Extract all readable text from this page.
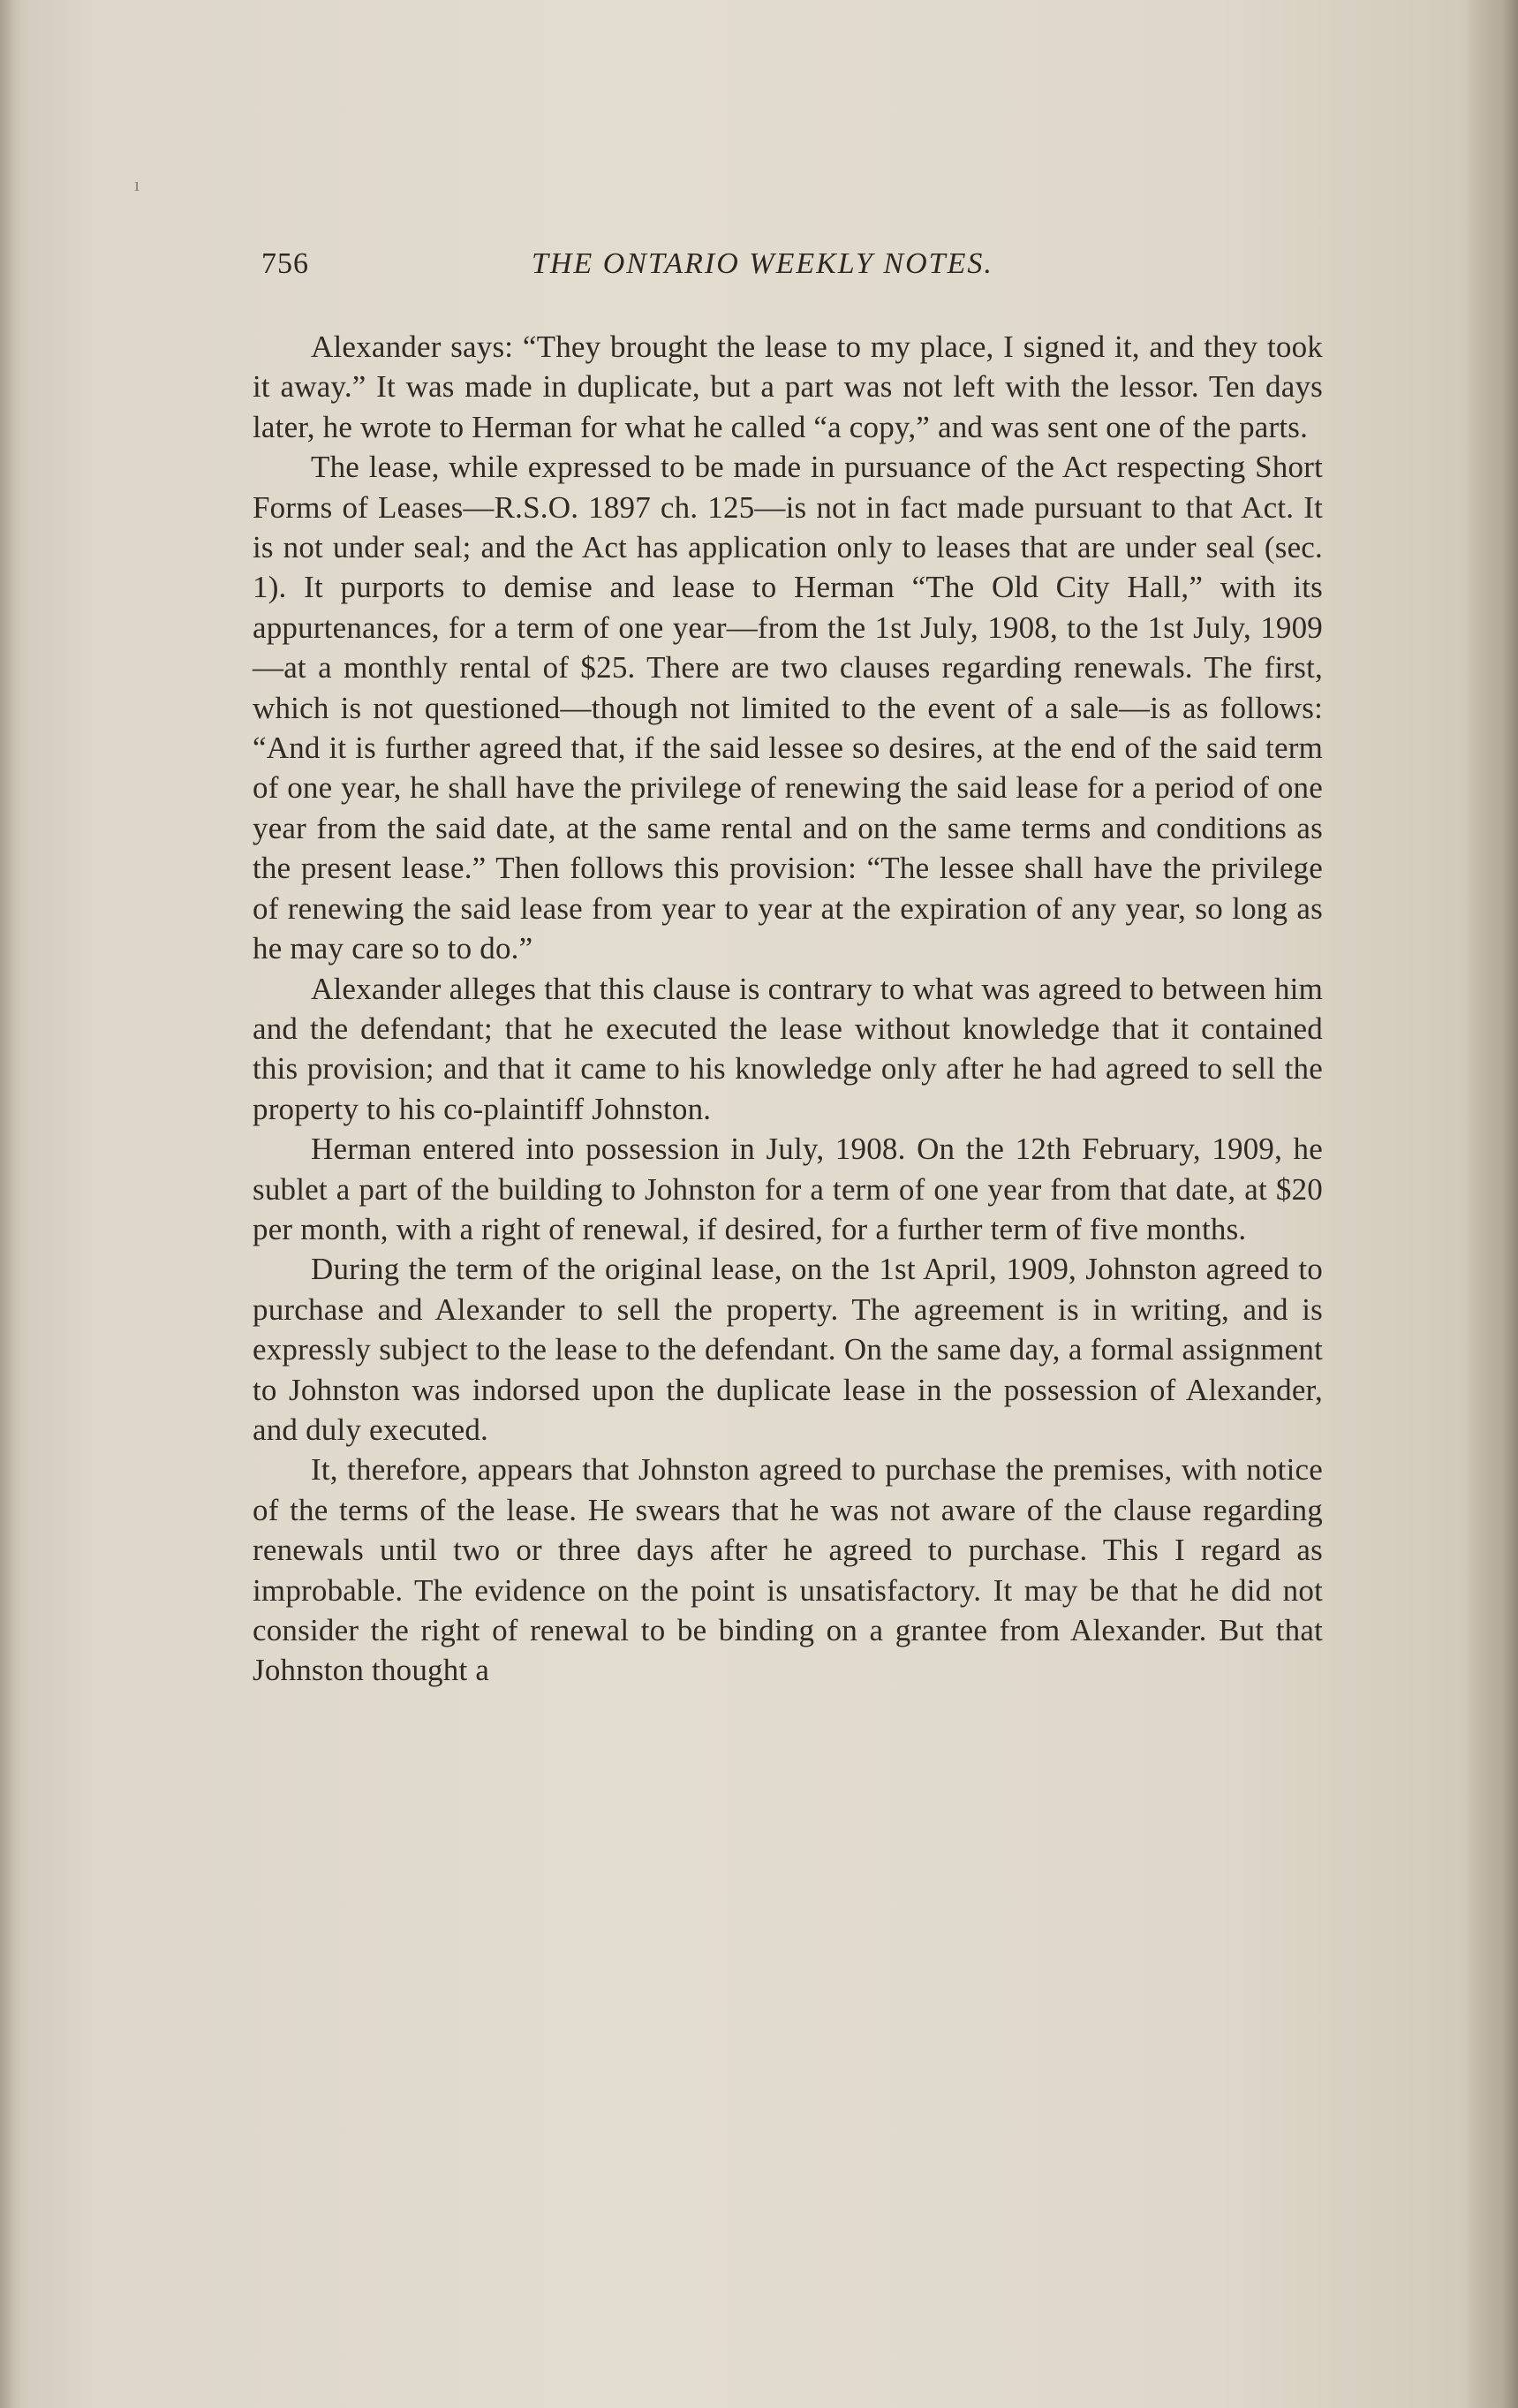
ı
756	THE ONTARIO WEEKLY NOTES.

Alexander says: “They brought the lease to my place, I signed it, and they took it away.” It was made in duplicate, but a part was not left with the lessor. Ten days later, he wrote to Herman for what he called “a copy,” and was sent one of the parts.

The lease, while expressed to be made in pursuance of the Act respecting Short Forms of Leases—R.S.O. 1897 ch. 125—is not in fact made pursuant to that Act. It is not under seal; and the Act has application only to leases that are under seal (sec. 1). It purports to demise and lease to Herman “The Old City Hall,” with its appurtenances, for a term of one year—from the 1st July, 1908, to the 1st July, 1909—at a monthly rental of $25. There are two clauses regarding renewals. The first, which is not questioned—though not limited to the event of a sale—is as follows: “And it is further agreed that, if the said lessee so desires, at the end of the said term of one year, he shall have the privilege of renewing the said lease for a period of one year from the said date, at the same rental and on the same terms and conditions as the present lease.” Then follows this provision: “The lessee shall have the privilege of renewing the said lease from year to year at the expiration of any year, so long as he may care so to do.”

Alexander alleges that this clause is contrary to what was agreed to between him and the defendant; that he executed the lease without knowledge that it contained this provision; and that it came to his knowledge only after he had agreed to sell the property to his co-plaintiff Johnston.

Herman entered into possession in July, 1908. On the 12th February, 1909, he sublet a part of the building to Johnston for a term of one year from that date, at $20 per month, with a right of renewal, if desired, for a further term of five months.

During the term of the original lease, on the 1st April, 1909, Johnston agreed to purchase and Alexander to sell the property. The agreement is in writing, and is expressly subject to the lease to the defendant. On the same day, a formal assignment to Johnston was indorsed upon the duplicate lease in the possession of Alexander, and duly executed.

It, therefore, appears that Johnston agreed to purchase the premises, with notice of the terms of the lease. He swears that he was not aware of the clause regarding renewals until two or three days after he agreed to purchase. This I regard as improbable. The evidence on the point is unsatisfactory. It may be that he did not consider the right of renewal to be binding on a grantee from Alexander. But that Johnston thought a
